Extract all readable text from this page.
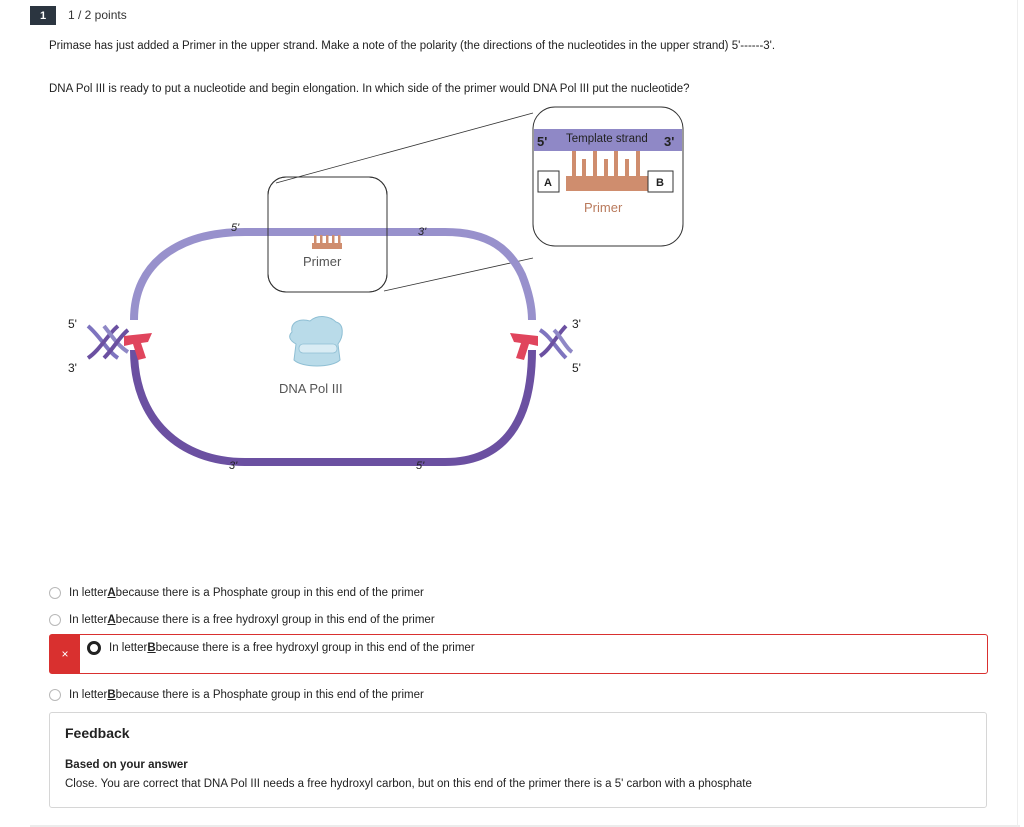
1	1 / 2 points
Primase has just added a Primer in the upper strand. Make a note of the polarity (the directions of the nucleotides in the upper strand) 5'------3'.
DNA Pol III is ready to put a nucleotide and begin elongation. In which side of the primer would DNA Pol III put the nucleotide?
5' Template strand 3'
A	B
Primer
5'	3'
3'	5'
5'
3'
3'
5'
Primer
DNA Pol III
In letter A because there is a Phosphate group in this end of the primer
In letter A because there is a free hydroxyl group in this end of the primer
×	In letter B because there is a free hydroxyl group in this end of the primer
In letter B because there is a Phosphate group in this end of the primer
Feedback
Based on your answer
Close. You are correct that DNA Pol III needs a free hydroxyl carbon, but on this end of the primer there is a 5' carbon with a phosphate
